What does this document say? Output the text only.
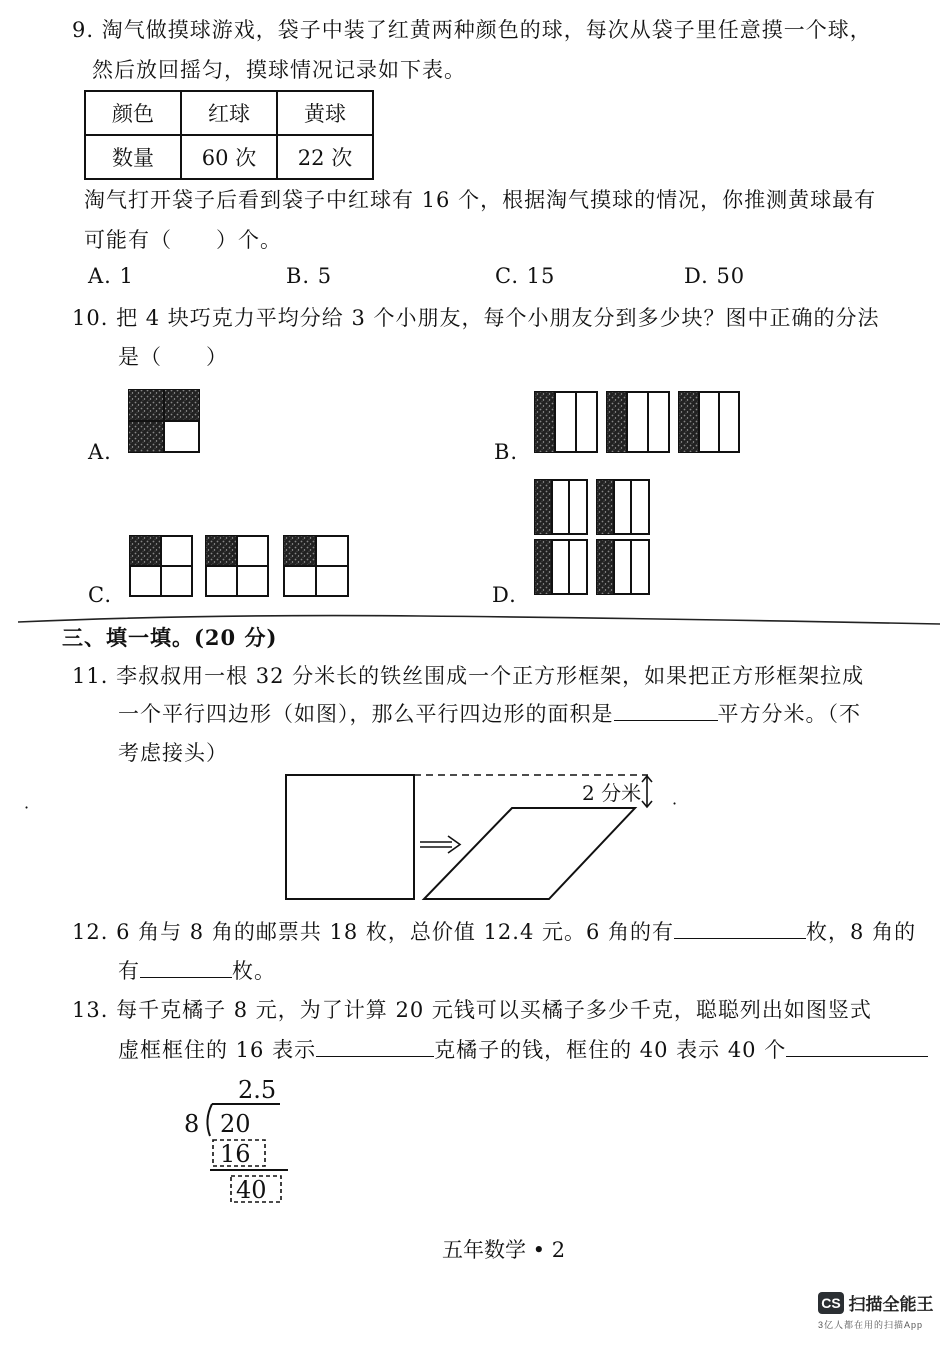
9. 淘气做摸球游戏，袋子中装了红黄两种颜色的球，每次从袋子里任意摸一个球，
然后放回摇匀，摸球情况记录如下表。
颜色	红球	黄球
数量	60 次	22 次
淘气打开袋子后看到袋子中红球有 16 个，根据淘气摸球的情况，你推测黄球最有
可能有（　　）个。
A. 1	B. 5	C. 15	D. 50
10. 把 4 块巧克力平均分给 3 个小朋友，每个小朋友分到多少块？图中正确的分法
是（　　）
A.	B.
C.	D.
三、填一填。(20 分)
11. 李叔叔用一根 32 分米长的铁丝围成一个正方形框架，如果把正方形框架拉成
一个平行四边形（如图），那么平行四边形的面积是	平方分米。（不
考虑接头）
2 分米
·	·
12. 6 角与 8 角的邮票共 18 枚，总价值 12.4 元。6 角的有	枚，8 角的
有	枚。
13. 每千克橘子 8 元，为了计算 20 元钱可以买橘子多少千克，聪聪列出如图竖式
虚框框住的 16 表示	克橘子的钱，框住的 40 表示 40 个
2.5
8 20
16
40
五年数学 • 2
CS 扫描全能王
3亿人都在用的扫描App
